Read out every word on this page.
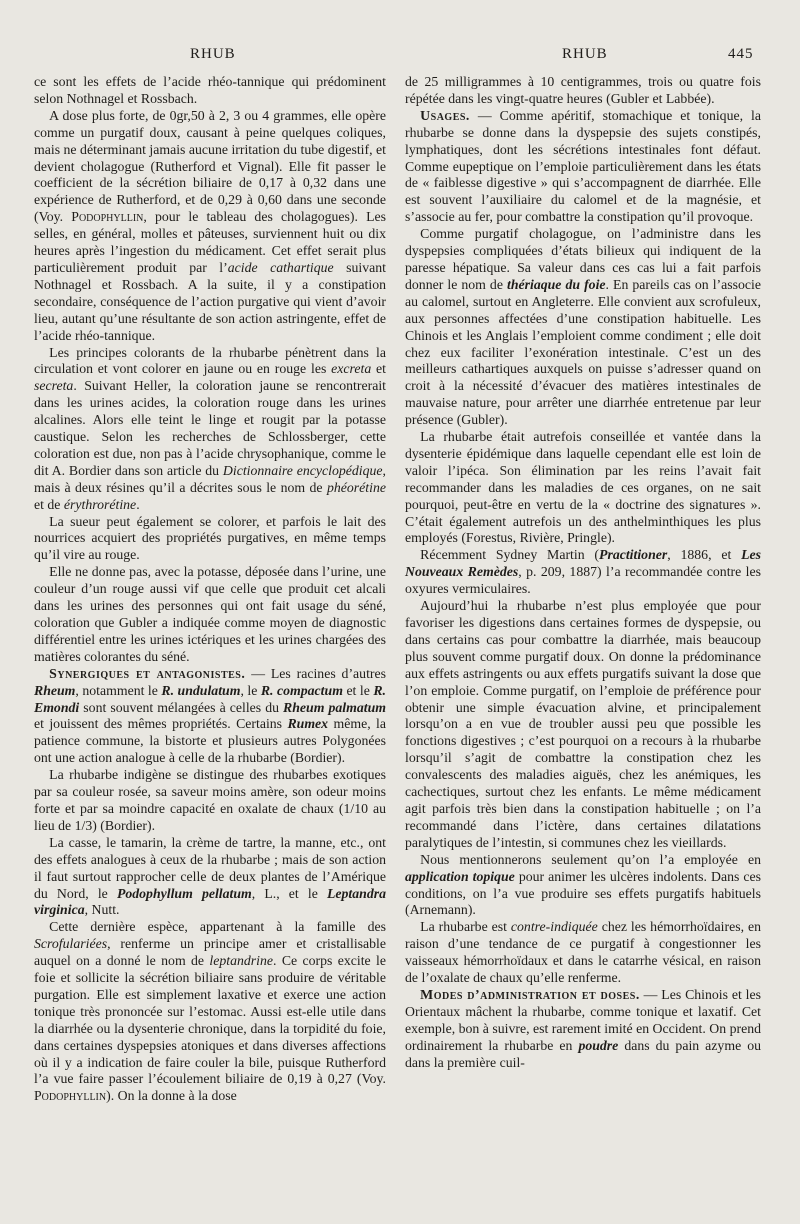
RHUB	RHUB	445

ce sont les effets de l’acide rhéo-tannique qui prédominent selon Nothnagel et Rossbach.

A dose plus forte, de 0gr,50 à 2, 3 ou 4 grammes, elle opère comme un purgatif doux, causant à peine quelques coliques, mais ne déterminant jamais aucune irritation du tube digestif, et devient cholagogue (Rutherford et Vignal). Elle fit passer le coefficient de la sécrétion biliaire de 0,17 à 0,32 dans une expérience de Rutherford, et de 0,29 à 0,60 dans une seconde (Voy. Podophyllin, pour le tableau des cholagogues). Les selles, en général, molles et pâteuses, surviennent huit ou dix heures après l’ingestion du médicament. Cet effet serait plus particulièrement produit par l’acide cathartique suivant Nothnagel et Rossbach. A la suite, il y a constipation secondaire, conséquence de l’action purgative qui vient d’avoir lieu, autant qu’une résultante de son action astringente, effet de l’acide rhéo-tannique.

Les principes colorants de la rhubarbe pénètrent dans la circulation et vont colorer en jaune ou en rouge les excreta et secreta. Suivant Heller, la coloration jaune se rencontrerait dans les urines acides, la coloration rouge dans les urines alcalines. Alors elle teint le linge et rougit par la potasse caustique. Selon les recherches de Schlossberger, cette coloration est due, non pas à l’acide chrysophanique, comme le dit A. Bordier dans son article du Dictionnaire encyclopédique, mais à deux résines qu’il a décrites sous le nom de phéorétine et de érythrorétine.

La sueur peut également se colorer, et parfois le lait des nourrices acquiert des propriétés purgatives, en même temps qu’il vire au rouge.

Elle ne donne pas, avec la potasse, déposée dans l’urine, une couleur d’un rouge aussi vif que celle que produit cet alcali dans les urines des personnes qui ont fait usage du séné, coloration que Gubler a indiquée comme moyen de diagnostic différentiel entre les urines ictériques et les urines chargées des matières colorantes du séné.

Synergiques et antagonistes. — Les racines d’autres Rheum, notamment le R. undulatum, le R. compactum et le R. Emondi sont souvent mélangées à celles du Rheum palmatum et jouissent des mêmes propriétés. Certains Rumex même, la patience commune, la bistorte et plusieurs autres Polygonées ont une action analogue à celle de la rhubarbe (Bordier).

La rhubarbe indigène se distingue des rhubarbes exotiques par sa couleur rosée, sa saveur moins amère, son odeur moins forte et par sa moindre capacité en oxalate de chaux (1/10 au lieu de 1/3) (Bordier).

La casse, le tamarin, la crème de tartre, la manne, etc., ont des effets analogues à ceux de la rhubarbe ; mais de son action il faut surtout rapprocher celle de deux plantes de l’Amérique du Nord, le Podophyllum pellatum, L., et le Leptandra virginica, Nutt.

Cette dernière espèce, appartenant à la famille des Scrofulariées, renferme un principe amer et cristallisable auquel on a donné le nom de leptandrine. Ce corps excite le foie et sollicite la sécrétion biliaire sans produire de véritable purgation. Elle est simplement laxative et exerce une action tonique très prononcée sur l’estomac. Aussi est-elle utile dans la diarrhée ou la dysenterie chronique, dans la torpidité du foie, dans certaines dyspepsies atoniques et dans diverses affections où il y a indication de faire couler la bile, puisque Rutherford l’a vue faire passer l’écoulement biliaire de 0,19 à 0,27 (Voy. Podophyllin). On la donne à la dose

de 25 milligrammes à 10 centigrammes, trois ou quatre fois répétée dans les vingt-quatre heures (Gubler et Labbée).

Usages. — Comme apéritif, stomachique et tonique, la rhubarbe se donne dans la dyspepsie des sujets constipés, lymphatiques, dont les sécrétions intestinales font défaut. Comme eupeptique on l’emploie particulièrement dans les états de « faiblesse digestive » qui s’accompagnent de diarrhée. Elle est souvent l’auxiliaire du calomel et de la magnésie, et s’associe au fer, pour combattre la constipation qu’il provoque.

Comme purgatif cholagogue, on l’administre dans les dyspepsies compliquées d’états bilieux qui indiquent de la paresse hépatique. Sa valeur dans ces cas lui a fait parfois donner le nom de thériaque du foie. En pareils cas on l’associe au calomel, surtout en Angleterre. Elle convient aux scrofuleux, aux personnes affectées d’une constipation habituelle. Les Chinois et les Anglais l’emploient comme condiment ; elle doit chez eux faciliter l’exonération intestinale. C’est un des meilleurs cathartiques auxquels on puisse s’adresser quand on croit à la nécessité d’évacuer des matières intestinales de mauvaise nature, pour arrêter une diarrhée entretenue par leur présence (Gubler).

La rhubarbe était autrefois conseillée et vantée dans la dysenterie épidémique dans laquelle cependant elle est loin de valoir l’ipéca. Son élimination par les reins l’avait fait recommander dans les maladies de ces organes, on ne sait pourquoi, peut-être en vertu de la « doctrine des signatures ». C’était également autrefois un des anthelminthiques les plus employés (Forestus, Rivière, Pringle).

Récemment Sydney Martin (Practitioner, 1886, et Les Nouveaux Remèdes, p. 209, 1887) l’a recommandée contre les oxyures vermiculaires.

Aujourd’hui la rhubarbe n’est plus employée que pour favoriser les digestions dans certaines formes de dyspepsie, ou dans certains cas pour combattre la diarrhée, mais beaucoup plus souvent comme purgatif doux. On donne la prédominance aux effets astringents ou aux effets purgatifs suivant la dose que l’on emploie. Comme purgatif, on l’emploie de préférence pour obtenir une simple évacuation alvine, et principalement lorsqu’on a en vue de troubler aussi peu que possible les fonctions digestives ; c’est pourquoi on a recours à la rhubarbe lorsqu’il s’agit de combattre la constipation chez les convalescents des maladies aiguës, chez les anémiques, les cachectiques, surtout chez les enfants. Le même médicament agit parfois très bien dans la constipation habituelle ; on l’a recommandé dans l’ictère, dans certaines dilatations paralytiques de l’intestin, si communes chez les vieillards.

Nous mentionnerons seulement qu’on l’a employée en application topique pour animer les ulcères indolents. Dans ces conditions, on l’a vue produire ses effets purgatifs habituels (Arnemann).

La rhubarbe est contre-indiquée chez les hémorrhoïdaires, en raison d’une tendance de ce purgatif à congestionner les vaisseaux hémorrhoïdaux et dans le catarrhe vésical, en raison de l’oxalate de chaux qu’elle renferme.

Modes d’administration et doses. — Les Chinois et les Orientaux mâchent la rhubarbe, comme tonique et laxatif. Cet exemple, bon à suivre, est rarement imité en Occident. On prend ordinairement la rhubarbe en poudre dans du pain azyme ou dans la première cuil-
